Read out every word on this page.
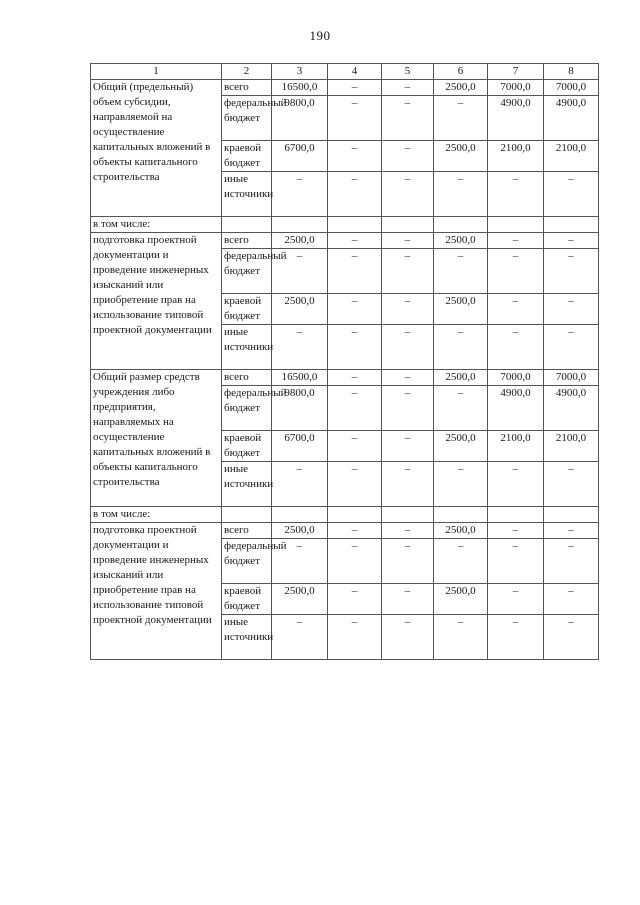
190
1	2	3	4	5	6	7	8
Общий (предельный) объем субсидии, направляемой на осуществление капитальных вложений в объекты капитального строительства	всего	16500,0	–	–	2500,0	7000,0	7000,0
	федеральный бюджет	9800,0	–	–	–	4900,0	4900,0
	краевой бюджет	6700,0	–	–	2500,0	2100,0	2100,0
	иные источники	–	–	–	–	–	–
в том числе:							
подготовка проектной документации и проведение инженерных изысканий или приобретение прав на использование типовой проектной документации	всего	2500,0	–	–	2500,0	–	–
	федеральный бюджет	–	–	–	–	–	–
	краевой бюджет	2500,0	–	–	2500,0	–	–
	иные источники	–	–	–	–	–	–
Общий размер средств учреждения либо предприятия, направляемых на осуществление капитальных вложений в объекты капитального строительства	всего	16500,0	–	–	2500,0	7000,0	7000,0
	федеральный бюджет	9800,0	–	–	–	4900,0	4900,0
	краевой бюджет	6700,0	–	–	2500,0	2100,0	2100,0
	иные источники	–	–	–	–	–	–
в том числе:							
подготовка проектной документации и проведение инженерных изысканий или приобретение прав на использование типовой проектной документации	всего	2500,0	–	–	2500,0	–	–
	федеральный бюджет	–	–	–	–	–	–
	краевой бюджет	2500,0	–	–	2500,0	–	–
	иные источники	–	–	–	–	–	–
